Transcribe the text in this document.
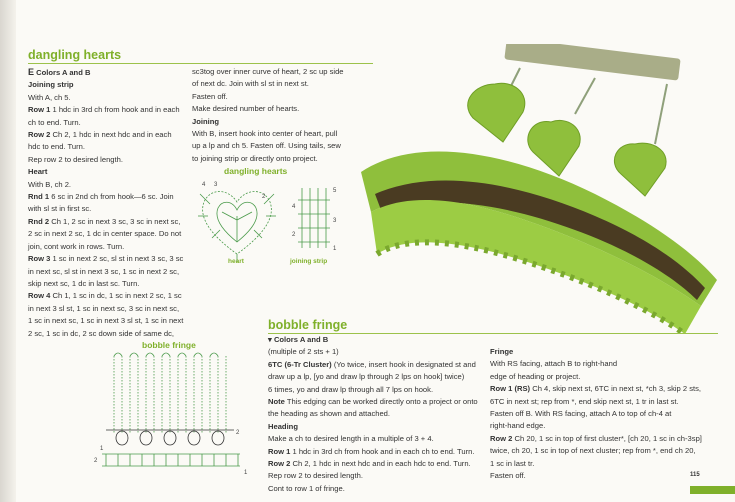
dangling hearts
E Colors A and B
Joining strip
With A, ch 5.
Row 1 1 hdc in 3rd ch from hook and in each
ch to end. Turn.
Row 2 Ch 2, 1 hdc in next hdc and in each
hdc to end. Turn.
Rep row 2 to desired length.
Heart
With B, ch 2.
Rnd 1 6 sc in 2nd ch from hook—6 sc. Join
with sl st in first sc.
Rnd 2 Ch 1, 2 sc in next 3 sc, 3 sc in next sc,
2 sc in next 2 sc, 1 dc in center space. Do not
join, cont work in rows. Turn.
Row 3 1 sc in next 2 sc, sl st in next 3 sc, 3 sc
in next sc, sl st in next 3 sc, 1 sc in next 2 sc,
skip next sc, 1 dc in last sc. Turn.
Row 4 Ch 1, 1 sc in dc, 1 sc in next 2 sc, 1 sc
in next 3 sl st, 1 sc in next sc, 3 sc in next sc,
1 sc in next sc, 1 sc in next 3 sl st, 1 sc in next
2 sc, 1 sc in dc, 2 sc down side of same dc,
sc3tog over inner curve of heart, 2 sc up side
of next dc. Join with sl st in next st.
Fasten off.
Make desired number of hearts.
Joining
With B, insert hook into center of heart, pull
up a lp and ch 5. Fasten off. Using tails, sew
to joining strip or directly onto project.
dangling hearts
4 3
2
5
4
3
2
1
heart	joining strip
bobble fringe
▾ Colors A and B
(multiple of 2 sts + 1)
6TC (6-Tr Cluster) (Yo twice, insert hook in designated st and
draw up a lp, [yo and draw lp through 2 lps on hook] twice)
6 times, yo and draw lp through all 7 lps on hook.
Note This edging can be worked directly onto a project or onto
the heading as shown and attached.
Heading
Make a ch to desired length in a multiple of 3 + 4.
Row 1 1 hdc in 3rd ch from hook and in each ch to end. Turn.
Row 2 Ch 2, 1 hdc in next hdc and in each hdc to end. Turn.
Rep row 2 to desired length.
Cont to row 1 of fringe.
Fringe
With RS facing, attach B to right-hand
edge of heading or project.
Row 1 (RS) Ch 4, skip next st, 6TC in next st, *ch 3, skip 2 sts,
6TC in next st; rep from *, end skip next st, 1 tr in last st.
Fasten off B. With RS facing, attach A to top of ch-4 at
right-hand edge.
Row 2 Ch 20, 1 sc in top of first cluster*, [ch 20, 1 sc in ch-3sp]
twice, ch 20, 1 sc in top of next cluster; rep from *, end ch 20,
1 sc in last tr.
Fasten off.
bobble fringe
2
1
2
1	115
